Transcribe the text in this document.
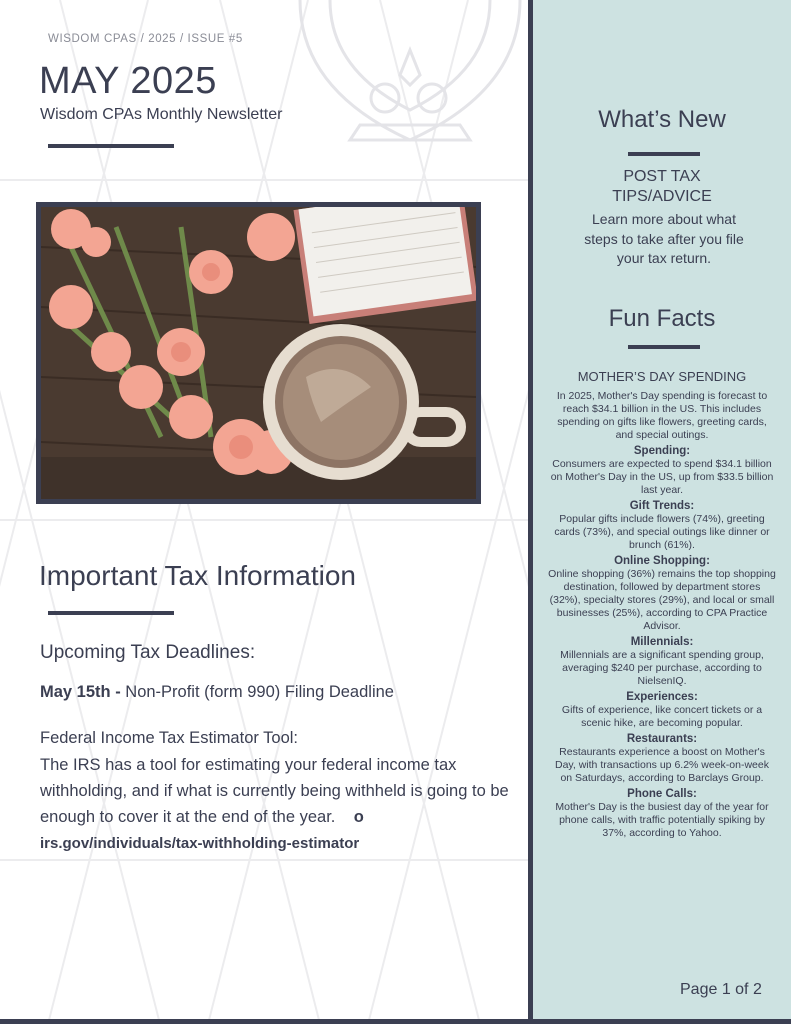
WISDOM CPAS / 2025 / ISSUE #5
MAY 2025
Wisdom CPAs Monthly Newsletter
Important Tax Information
Upcoming Tax Deadlines:
May 15th - Non-Profit (form 990) Filing Deadline
Federal Income Tax Estimator Tool:
The IRS has a tool for estimating your federal income tax withholding, and if what is currently being withheld is going to be enough to cover it at the end of the year. o  irs.gov/individuals/tax-withholding-estimator
What’s New
POST TAX
TIPS/ADVICE
Learn more about what steps to take after you file your tax return.
Fun Facts
MOTHER’S DAY SPENDING
In 2025, Mother's Day spending is forecast to reach $34.1 billion in the US. This includes spending on gifts like flowers, greeting cards, and special outings.
Spending:
Consumers are expected to spend $34.1 billion on Mother's Day in the US, up from $33.5 billion last year.
Gift Trends:
Popular gifts include flowers (74%), greeting cards (73%), and special outings like dinner or brunch (61%).
Online Shopping:
Online shopping (36%) remains the top shopping destination, followed by department stores (32%), specialty stores (29%), and local or small businesses (25%), according to CPA Practice Advisor.
Millennials:
Millennials are a significant spending group, averaging $240 per purchase, according to NielsenIQ.
Experiences:
Gifts of experience, like concert tickets or a scenic hike, are becoming popular.
Restaurants:
Restaurants experience a boost on Mother's Day, with transactions up 6.2% week-on-week on Saturdays, according to Barclays Group.
Phone Calls:
Mother's Day is the busiest day of the year for phone calls, with traffic potentially spiking by 37%, according to Yahoo.
Page 1 of 2
